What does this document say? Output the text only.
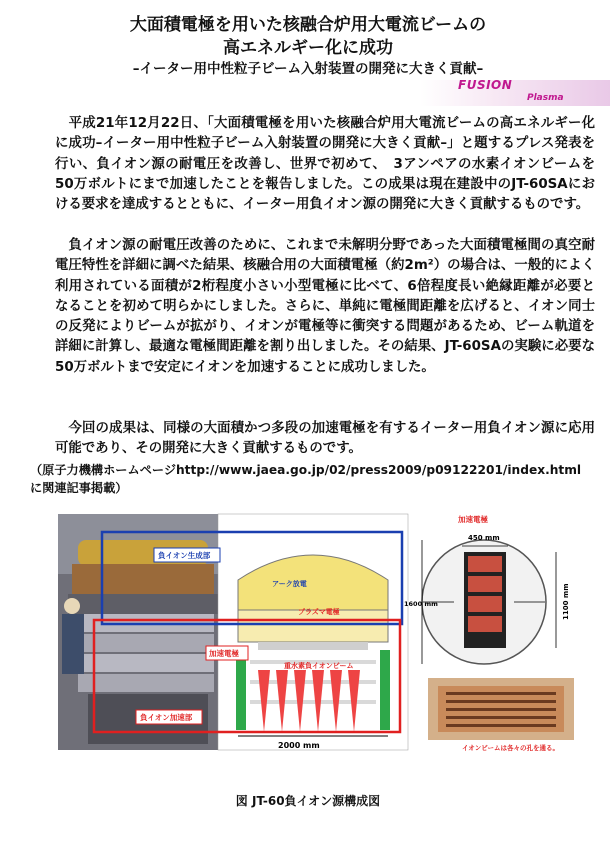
大面積電極を用いた核融合炉用大電流ビームの
高エネルギー化に成功
–イーター用中性粒子ビーム入射装置の開発に大きく貢献–
FUSION
Plasma

　平成21年12月22日、「大面積電極を用いた核融合炉用大電流ビームの高エネルギー化に成功–イーター用中性粒子ビーム入射装置の開発に大きく貢献–」と題するプレス発表を行い、負イオン源の耐電圧を改善し、世界で初めて、　3アンペアの水素イオンビームを50万ボルトにまで加速したことを報告しました。この成果は現在建設中のJT-60SAにおける要求を達成するとともに、イーター用負イオン源の開発に大きく貢献するものです。

　負イオン源の耐電圧改善のために、これまで未解明分野であった大面積電極間の真空耐電圧特性を詳細に調べた結果、核融合用の大面積電極（約2m²）の場合は、一般的によく利用されている面積が2桁程度小さい小型電極に比べて、6倍程度長い絶縁距離が必要となることを初めて明らかにしました。さらに、単純に電極間距離を広げると、イオン同士の反発によりビームが拡がり、イオンが電極等に衝突する問題があるため、ビーム軌道を詳細に計算し、最適な電極間距離を割り出しました。その結果、JT-60SAの実験に必要な50万ボルトまで安定にイオンを加速することに成功しました。

　今回の成果は、同様の大面積かつ多段の加速電極を有するイーター用負イオン源に応用可能であり、その開発に大きく貢献するものです。

（原子力機構ホームページhttp://www.jaea.go.jp/02/press2009/p09122201/index.html
に関連記事掲載）

アーク放電
プラズマ電極
重水素負イオンビーム
2000 mm
負イオン生成部
負イオン加速部
加速電極
加速電極
450 mm
1600 mm	1100 mm
イオンビームは各々の孔を通る。
図 JT-60負イオン源構成図
